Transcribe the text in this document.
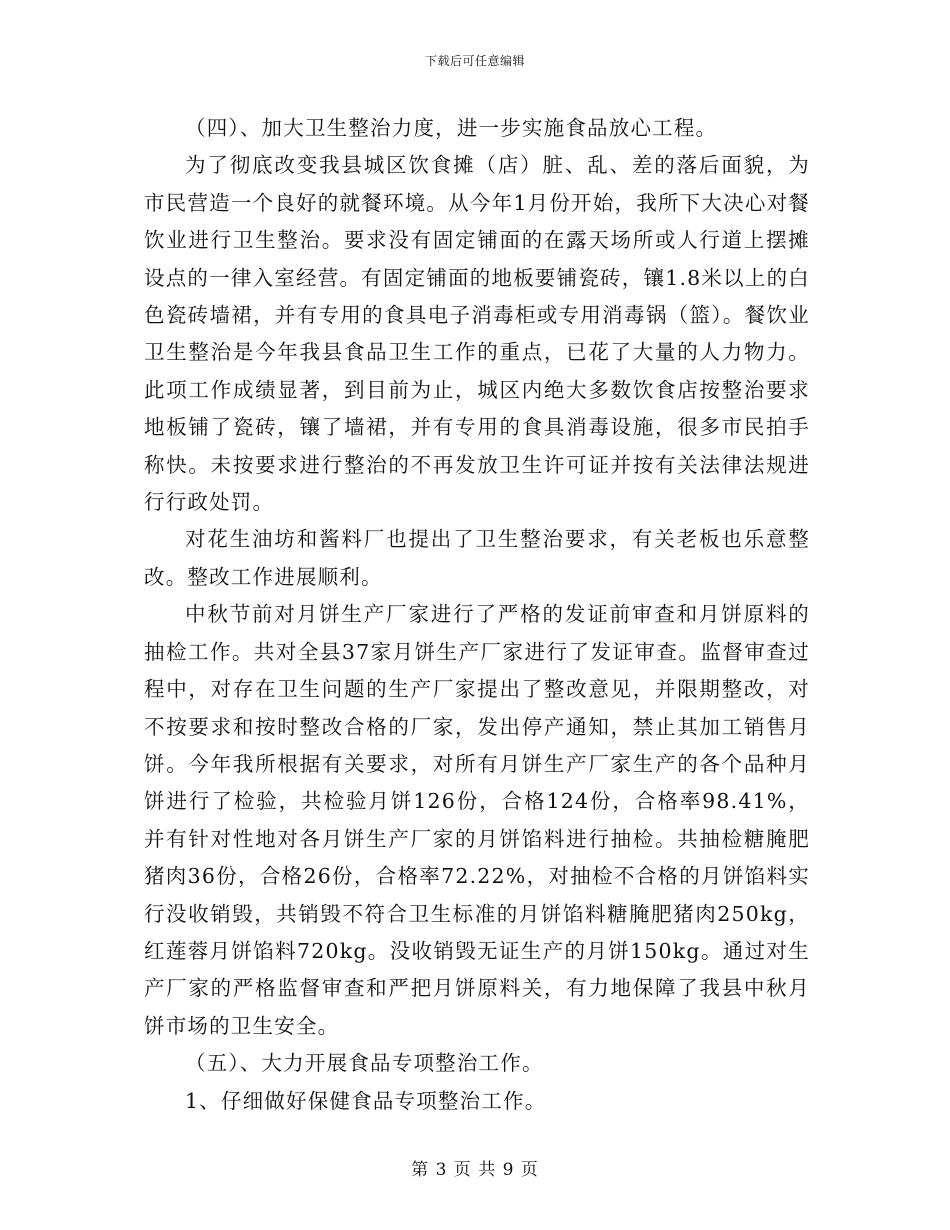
下载后可任意编辑

（四）、加大卫生整治力度，进一步实施食品放心工程。

为了彻底改变我县城区饮食摊（店）脏、乱、差的落后面貌，为市民营造一个良好的就餐环境。从今年1月份开始，我所下大决心对餐饮业进行卫生整治。要求没有固定铺面的在露天场所或人行道上摆摊设点的一律入室经营。有固定铺面的地板要铺瓷砖，镶1.8米以上的白色瓷砖墙裙，并有专用的食具电子消毒柜或专用消毒锅（篮）。餐饮业卫生整治是今年我县食品卫生工作的重点，已花了大量的人力物力。此项工作成绩显著，到目前为止，城区内绝大多数饮食店按整治要求地板铺了瓷砖，镶了墙裙，并有专用的食具消毒设施，很多市民拍手称快。未按要求进行整治的不再发放卫生许可证并按有关法律法规进行行政处罚。

对花生油坊和酱料厂也提出了卫生整治要求，有关老板也乐意整改。整改工作进展顺利。

中秋节前对月饼生产厂家进行了严格的发证前审查和月饼原料的抽检工作。共对全县37家月饼生产厂家进行了发证审查。监督审查过程中，对存在卫生问题的生产厂家提出了整改意见，并限期整改，对不按要求和按时整改合格的厂家，发出停产通知，禁止其加工销售月饼。今年我所根据有关要求，对所有月饼生产厂家生产的各个品种月饼进行了检验，共检验月饼126份，合格124份，合格率98.41%，并有针对性地对各月饼生产厂家的月饼馅料进行抽检。共抽检糖腌肥猪肉36份，合格26份，合格率72.22%，对抽检不合格的月饼馅料实行没收销毁，共销毁不符合卫生标准的月饼馅料糖腌肥猪肉250kg，红莲蓉月饼馅料720kg。没收销毁无证生产的月饼150kg。通过对生产厂家的严格监督审查和严把月饼原料关，有力地保障了我县中秋月饼市场的卫生安全。

（五）、大力开展食品专项整治工作。

1、仔细做好保健食品专项整治工作。

第 3 页 共 9 页
